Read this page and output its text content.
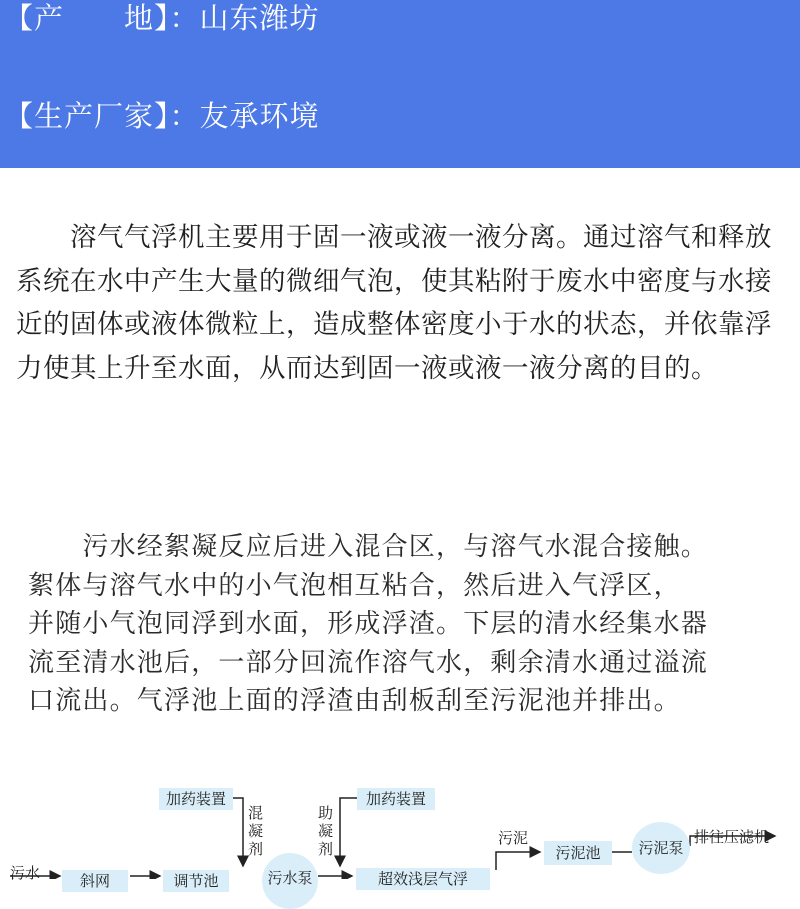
【产　　地】：山东潍坊
【生产厂家】：友承环境
　　溶气气浮机主要用于固一液或液一液分离。通过溶气和释放
系统在水中产生大量的微细气泡，使其粘附于废水中密度与水接
近的固体或液体微粒上，造成整体密度小于水的状态，并依靠浮
力使其上升至水面，从而达到固一液或液一液分离的目的。
　　污水经絮凝反应后进入混合区，与溶气水混合接触。
絮体与溶气水中的小气泡相互粘合，然后进入气浮区，
并随小气泡同浮到水面，形成浮渣。下层的清水经集水器
流至清水池后，一部分回流作溶气水，剩余清水通过溢流
口流出。气浮池上面的浮渣由刮板刮至污泥池并排出。
加药装置	加药装置
混
凝
剂
助
凝
剂
污水	斜网	调节池	污水泵	超效浅层气浮
污泥
污泥池	污泥泵
排往压滤机
